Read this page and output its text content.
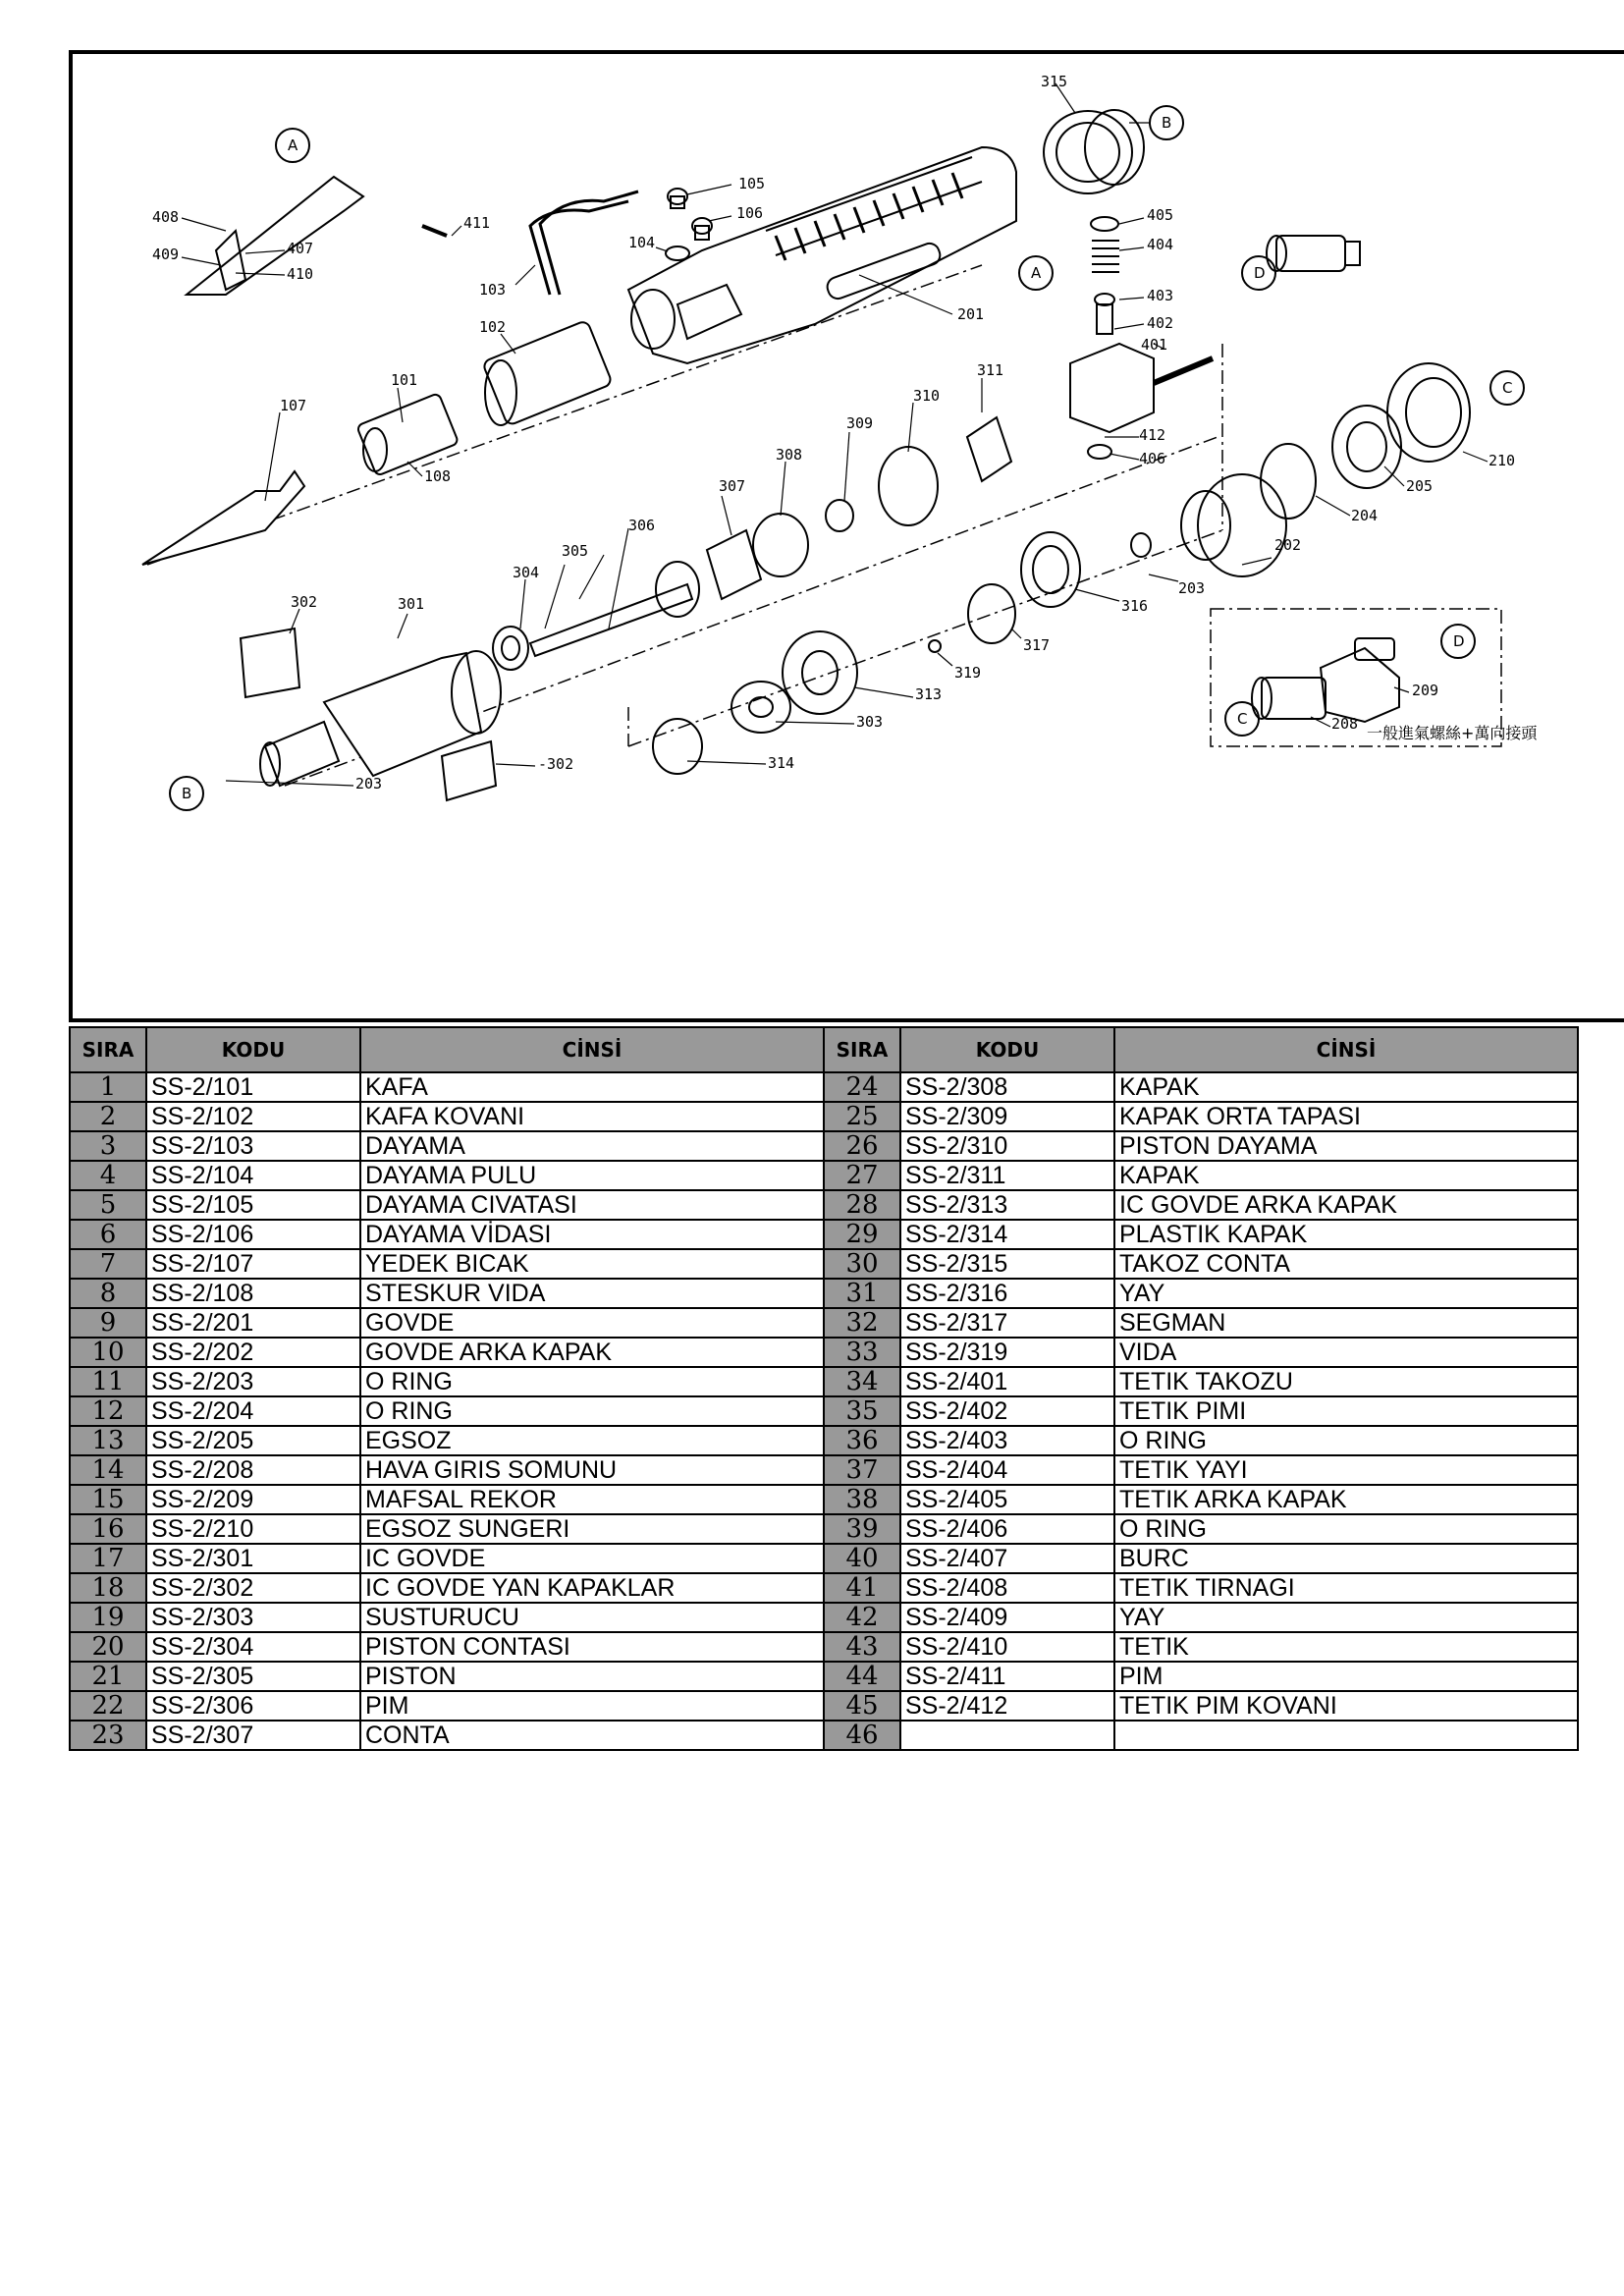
315
105
106
104
103
102
101
107
108
201
405
404
403
402
401
412
406
408
409	407
410
411
306
305
304
307
308
309
310
311
202
203
316
317
319
313
303
314
301
302
-302
203
204
205
210
208
209
A
A
B
B
C
C
D
D
一般進氣螺絲+萬向接頭
SIRA	KODU	CİNSİ
1	SS-2/101	KAFA
2	SS-2/102	KAFA KOVANI
3	SS-2/103	DAYAMA
4	SS-2/104	DAYAMA PULU
5	SS-2/105	DAYAMA CIVATASI
6	SS-2/106	DAYAMA VİDASI
7	SS-2/107	YEDEK BICAK
8	SS-2/108	STESKUR VIDA
9	SS-2/201	GOVDE
10	SS-2/202	GOVDE ARKA KAPAK
11	SS-2/203	O RING
12	SS-2/204	O RING
13	SS-2/205	EGSOZ
14	SS-2/208	HAVA GIRIS SOMUNU
15	SS-2/209	MAFSAL REKOR
16	SS-2/210	EGSOZ SUNGERI
17	SS-2/301	IC GOVDE
18	SS-2/302	IC GOVDE YAN KAPAKLAR
19	SS-2/303	SUSTURUCU
20	SS-2/304	PISTON CONTASI
21	SS-2/305	PISTON
22	SS-2/306	PIM
23	SS-2/307	CONTA
SIRA	KODU	CİNSİ
24	SS-2/308	KAPAK
25	SS-2/309	KAPAK ORTA TAPASI
26	SS-2/310	PISTON DAYAMA
27	SS-2/311	KAPAK
28	SS-2/313	IC GOVDE ARKA KAPAK
29	SS-2/314	PLASTIK KAPAK
30	SS-2/315	TAKOZ CONTA
31	SS-2/316	YAY
32	SS-2/317	SEGMAN
33	SS-2/319	VIDA
34	SS-2/401	TETIK TAKOZU
35	SS-2/402	TETIK PIMI
36	SS-2/403	O RING
37	SS-2/404	TETIK YAYI
38	SS-2/405	TETIK ARKA KAPAK
39	SS-2/406	O RING
40	SS-2/407	BURC
41	SS-2/408	TETIK TIRNAGI
42	SS-2/409	YAY
43	SS-2/410	TETIK
44	SS-2/411	PIM
45	SS-2/412	TETIK PIM KOVANI
46		
